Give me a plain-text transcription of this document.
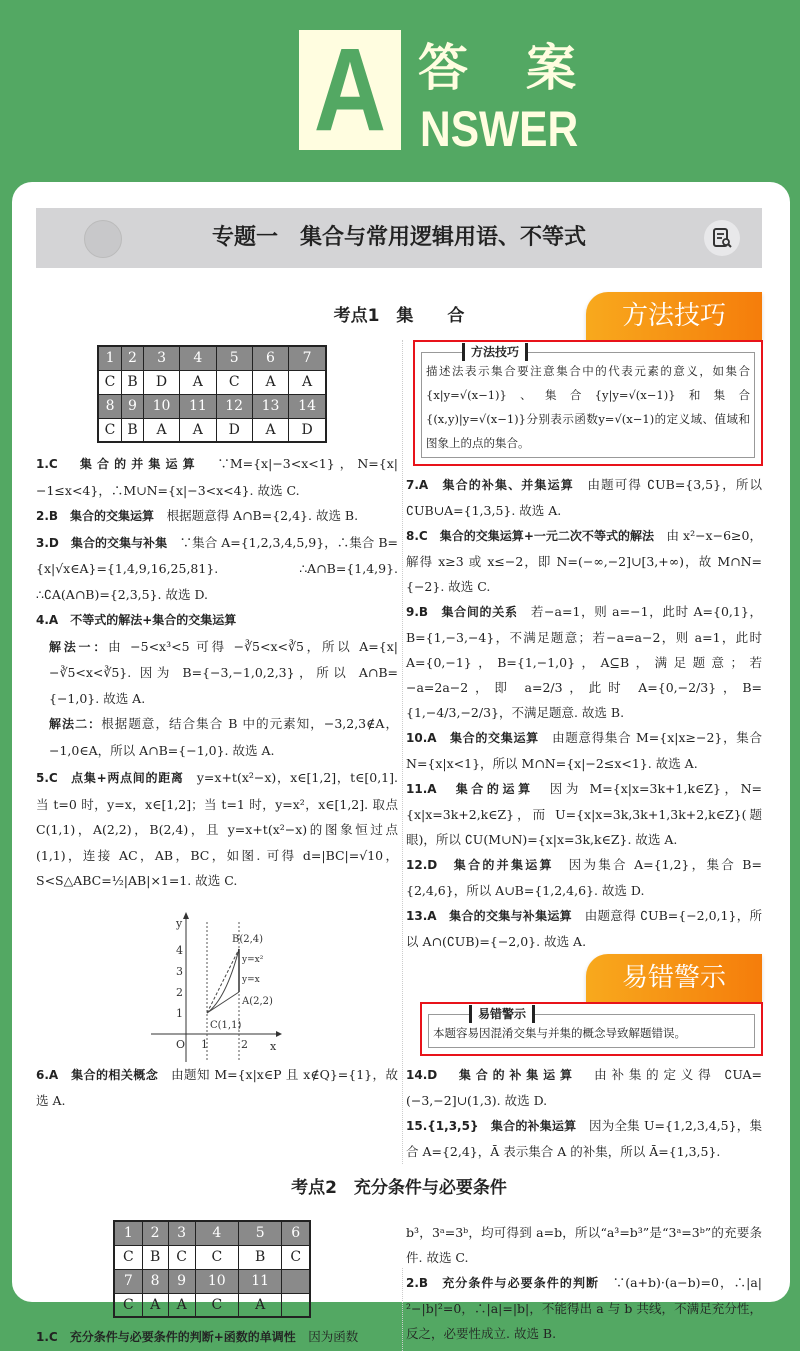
A 答案
NSWER
专题一　集合与常用逻辑用语、不等式
考点1　集　　合
1	2	3	4	5	6	7
C	B	D	A	C	A	A
8	9	10	11	12	13	14
C	B	A	A	D	A	D

1.C　集合的并集运算　 ∵M={x|−3<x<1}，N={x|−1≤x<4}，∴M∪N={x|−3<x<4}. 故选 C.

2.B　集合的交集运算　 根据题意得 A∩B={2,4}. 故选 B.

3.D　集合的交集与补集　 ∵集合 A={1,2,3,4,5,9}，∴集合 B={x|√x∈A}={1,4,9,16,25,81}. ∴A∩B={1,4,9}. ∴∁A(A∩B)={2,3,5}. 故选 D.

4.A　不等式的解法+集合的交集运算

解法一：由 −5<x³<5 可得 −∛5<x<∛5，所以 A={x|−∛5<x<∛5}. 因为 B={−3,−1,0,2,3}，所以 A∩B={−1,0}. 故选 A.

解法二：根据题意，结合集合 B 中的元素知，−3,2,3∉A，−1,0∈A，所以 A∩B={−1,0}. 故选 A.

5.C　点集+两点间的距离　 y=x+t(x²−x)，x∈[1,2]，t∈[0,1]. 当 t=0 时，y=x，x∈[1,2]；当 t=1 时，y=x²，x∈[1,2]. 取点 C(1,1)，A(2,2)，B(2,4)，且 y=x+t(x²−x)的图象恒过点(1,1)，连接 AC，AB，BC，如图. 可得 d=|BC|=√10，S<S△ABC=½|AB|×1=1. 故选 C.

y
x
O
1
2
3
4
1	2
B(2,4)
A(2,2)
C(1,1)
y=x²
y=x

6.A　集合的相关概念　 由题知 M={x|x∈P 且 x∉Q}={1}，故选 A.

方法技巧
方法技巧
描述法表示集合要注意集合中的代表元素的意义，如集合{x|y=√(x−1)}、集合{y|y=√(x−1)}和集合{(x,y)|y=√(x−1)}分别表示函数y=√(x−1)的定义域、值域和图象上的点的集合。

7.A　集合的补集、并集运算　 由题可得 ∁UB={3,5}，所以 ∁UB∪A={1,3,5}. 故选 A.

8.C　集合的交集运算+一元二次不等式的解法　 由 x²−x−6≥0，解得 x≥3 或 x≤−2，即 N=(−∞,−2]∪[3,+∞)，故 M∩N={−2}. 故选 C.

9.B　集合间的关系　 若−a=1，则 a=−1，此时 A={0,1}，B={1,−3,−4}，不满足题意；若−a=a−2，则 a=1，此时 A={0,−1}，B={1,−1,0}，A⊆B，满足题意；若−a=2a−2，即 a=2/3，此时 A={0,−2/3}，B={1,−4/3,−2/3}，不满足题意. 故选 B.

10.A　集合的交集运算　 由题意得集合 M={x|x≥−2}，集合 N={x|x<1}，所以 M∩N={x|−2≤x<1}. 故选 A.

11.A　集合的运算　 因为 M={x|x=3k+1,k∈Z}，N={x|x=3k+2,k∈Z}，而 U={x|x=3k,3k+1,3k+2,k∈Z}(题眼)，所以 ∁U(M∪N)={x|x=3k,k∈Z}. 故选 A.

12.D　集合的并集运算　 因为集合 A={1,2}，集合 B={2,4,6}，所以 A∪B={1,2,4,6}. 故选 D.

13.A　集合的交集与补集运算　 由题意得 ∁UB={−2,0,1}，所以 A∩(∁UB)={−2,0}. 故选 A.

易错警示
易错警示
本题容易因混淆交集与并集的概念导致解题错误。

14.D　集合的补集运算　 由补集的定义得 ∁UA=(−3,−2]∪(1,3). 故选 D.

15.{1,3,5}　集合的补集运算　 因为全集 U={1,2,3,4,5}，集合 A={2,4}，Ā 表示集合 A 的补集，所以 Ā={1,3,5}.

考点2　充分条件与必要条件
1	2	3	4	5	6
C	B	C	C	B	C
7	8	9	10	11	
C	A	A	C	A	

1.C　充分条件与必要条件的判断+函数的单调性　 因为函数

b³，3ᵃ=3ᵇ，均可得到 a=b，所以“a³=b³”是“3ᵃ=3ᵇ”的充要条件. 故选 C.

2.B　充分条件与必要条件的判断　 ∵(a+b)·(a−b)=0，∴|a|²−|b|²=0，∴|a|=|b|，不能得出 a 与 b 共线，不满足充分性，反之，必要性成立. 故选 B.
